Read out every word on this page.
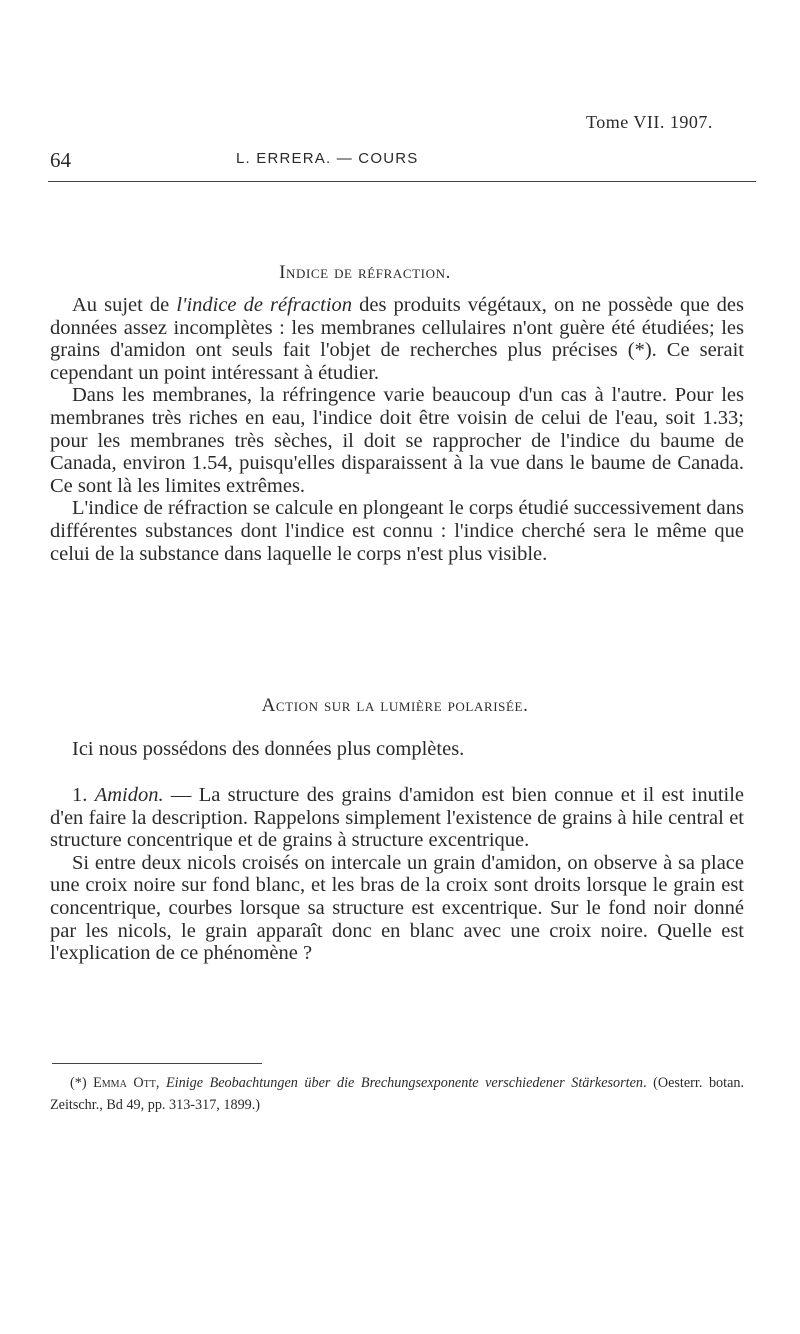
Tome VII. 1907.
64	L. ERRERA. — COURS
Indice de réfraction.

Au sujet de l'indice de réfraction des produits végétaux, on ne possède que des données assez incomplètes : les membranes cellulaires n'ont guère été étudiées; les grains d'amidon ont seuls fait l'objet de recherches plus précises (*). Ce serait cependant un point intéressant à étudier.

Dans les membranes, la réfringence varie beaucoup d'un cas à l'autre. Pour les membranes très riches en eau, l'indice doit être voisin de celui de l'eau, soit 1.33; pour les membranes très sèches, il doit se rapprocher de l'indice du baume de Canada, environ 1.54, puisqu'elles disparaissent à la vue dans le baume de Canada. Ce sont là les limites extrêmes.

L'indice de réfraction se calcule en plongeant le corps étudié successivement dans différentes substances dont l'indice est connu : l'indice cherché sera le même que celui de la substance dans laquelle le corps n'est plus visible.

Action sur la lumière polarisée.

Ici nous possédons des données plus complètes.

1. Amidon. — La structure des grains d'amidon est bien connue et il est inutile d'en faire la description. Rappelons simplement l'existence de grains à hile central et structure concentrique et de grains à structure excentrique.

Si entre deux nicols croisés on intercale un grain d'amidon, on observe à sa place une croix noire sur fond blanc, et les bras de la croix sont droits lorsque le grain est concentrique, courbes lorsque sa structure est excentrique. Sur le fond noir donné par les nicols, le grain apparaît donc en blanc avec une croix noire. Quelle est l'explication de ce phénomène ?

(*) Emma Ott, Einige Beobachtungen über die Brechungsexponente verschiedener Stärkesorten. (Oesterr. botan. Zeitschr., Bd 49, pp. 313-317, 1899.)
